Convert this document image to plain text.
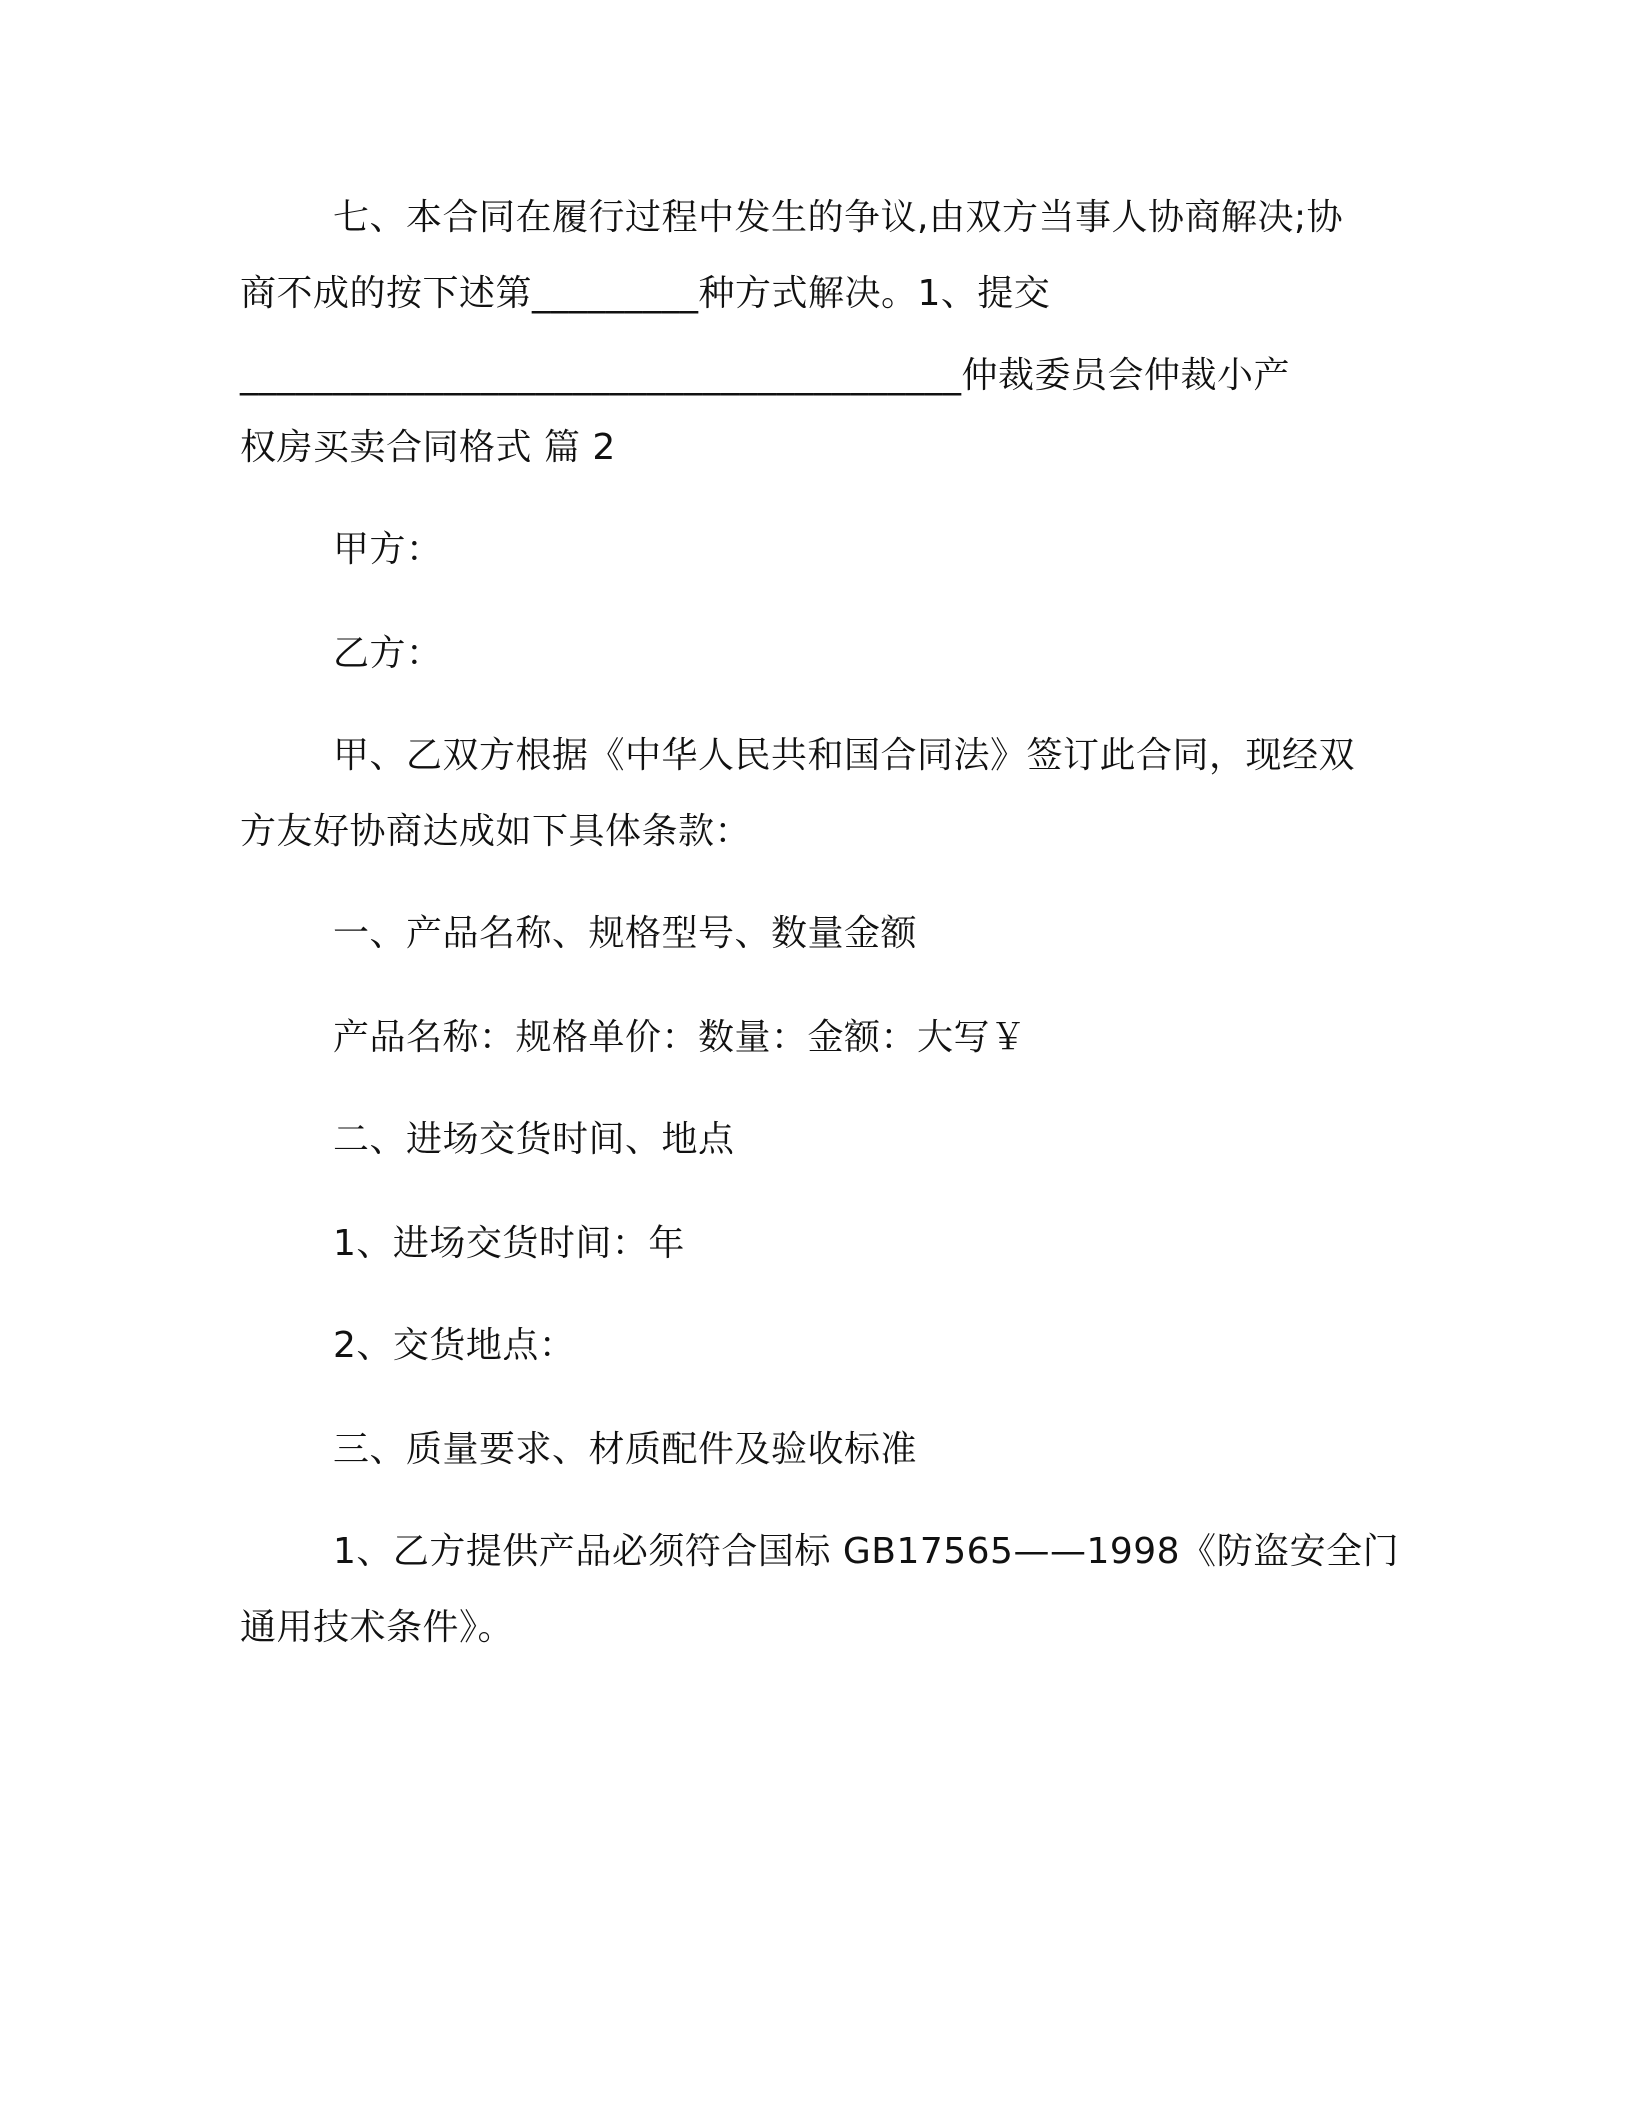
七、本合同在履行过程中发生的争议,由双方当事人协商解决;协
商不成的按下述第_________种方式解决。1、提交
_______________________________________仲裁委员会仲裁小产
权房买卖合同格式 篇 2
甲方：
乙方：
甲、乙双方根据《中华人民共和国合同法》签订此合同，现经双
方友好协商达成如下具体条款：
一、产品名称、规格型号、数量金额
产品名称：规格单价：数量：金额：大写￥
二、进场交货时间、地点
1、进场交货时间：年
2、交货地点：
三、质量要求、材质配件及验收标准
1、乙方提供产品必须符合国标 GB17565——1998《防盗安全门
通用技术条件》。
